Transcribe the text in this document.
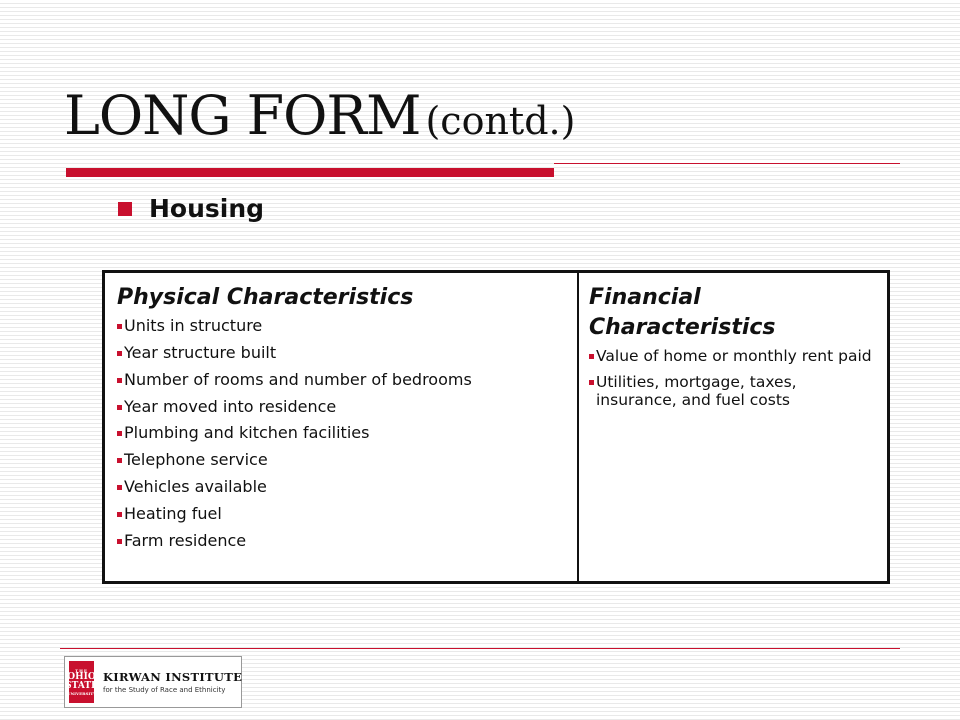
LONG FORM (contd.)
Housing
Physical Characteristics
Units in structure
Year structure built
Number of rooms and number of bedrooms
Year moved into residence
Plumbing and kitchen facilities
Telephone service
Vehicles available
Heating fuel
Farm residence
Financial Characteristics
Value of home or monthly rent paid
Utilities, mortgage, taxes, insurance, and fuel costs
THE
OHIO
STATE
UNIVERSITY
KIRWAN INSTITUTE
for the Study of Race and Ethnicity
